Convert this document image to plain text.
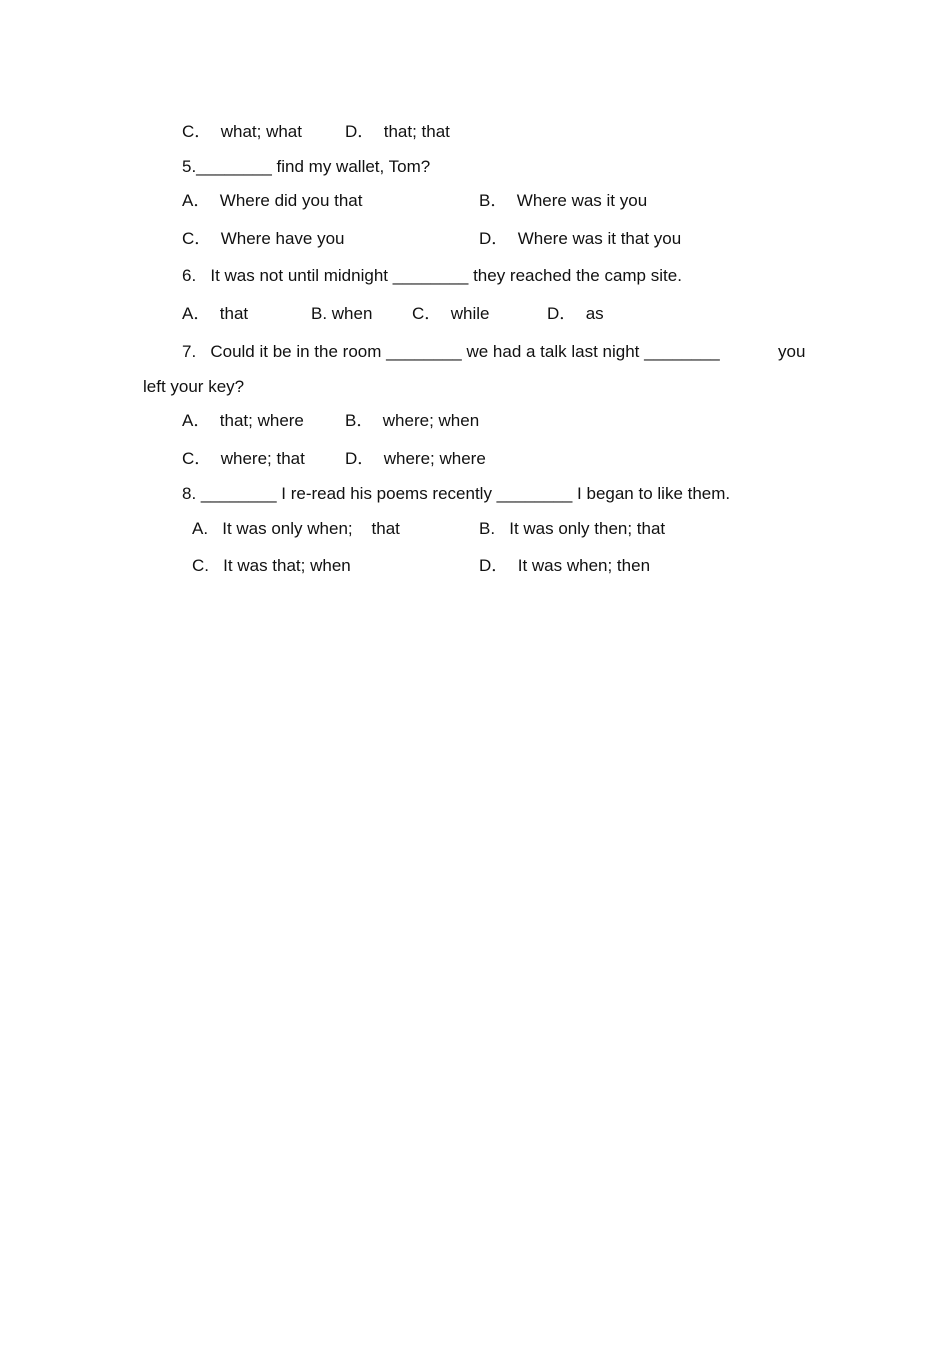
C．  what; what	D．  that; that
5.________ find my wallet, Tom?
A．  Where did you that	B．  Where was it you
C．  Where have you	D．  Where was it that you
6.   It was not until midnight ________ they reached the camp site.
A．  that	B. when C．  while	D．  as
7.   Could it be in the room ________ we had a talk last night ________	you
left your key?
A．  that; where B．  where; when
C．  where; that D．  where; where
8. ________ I re-read his poems recently ________ I began to like them.
A.   It was only when;    that	B.   It was only then; that
C.   It was that; when	D．  It was when; then
